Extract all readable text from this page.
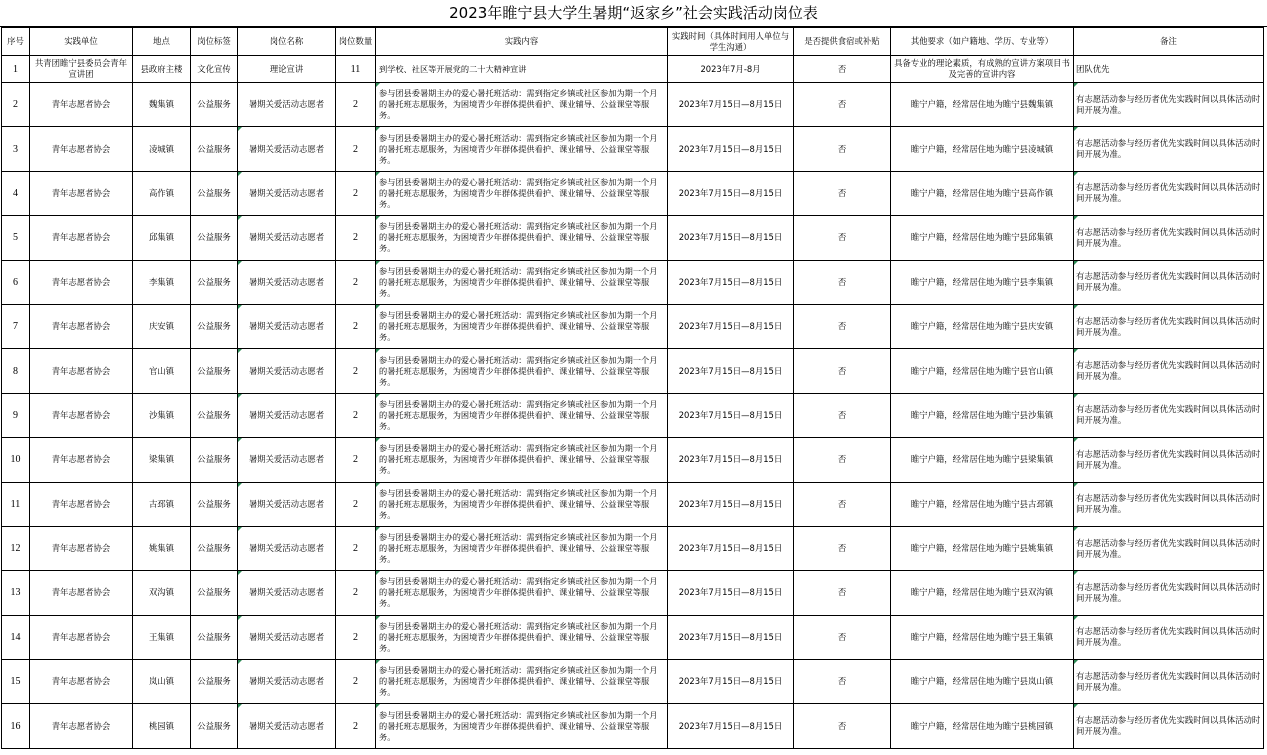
2023年睢宁县大学生暑期“返家乡”社会实践活动岗位表
序号	实践单位	地点	岗位标签	岗位名称	岗位数量	实践内容	实践时间（具体时间用人单位与学生沟通）	是否提供食宿或补贴	其他要求（如户籍地、学历、专业等）	备注
1	共青团睢宁县委员会青年宣讲团	县政府主楼	文化宣传	理论宣讲	11	到学校、社区等开展党的二十大精神宣讲	2023年7月-8月	否	具备专业的理论素质，有成熟的宣讲方案项目书及完善的宣讲内容	团队优先
2	青年志愿者协会	魏集镇	公益服务	暑期关爱活动志愿者	2	参与团县委暑期主办的爱心暑托班活动：需到指定乡镇或社区参加为期一个月的暑托班志愿服务，为困境青少年群体提供看护、课业辅导、公益课堂等服务。	2023年7月15日—8月15日	否	睢宁户籍，经常居住地为睢宁县魏集镇	有志愿活动参与经历者优先实践时间以具体活动时间开展为准。
3	青年志愿者协会	凌城镇	公益服务	暑期关爱活动志愿者	2	参与团县委暑期主办的爱心暑托班活动：需到指定乡镇或社区参加为期一个月的暑托班志愿服务，为困境青少年群体提供看护、课业辅导、公益课堂等服务。	2023年7月15日—8月15日	否	睢宁户籍，经常居住地为睢宁县凌城镇	有志愿活动参与经历者优先实践时间以具体活动时间开展为准。
4	青年志愿者协会	高作镇	公益服务	暑期关爱活动志愿者	2	参与团县委暑期主办的爱心暑托班活动：需到指定乡镇或社区参加为期一个月的暑托班志愿服务，为困境青少年群体提供看护、课业辅导、公益课堂等服务。	2023年7月15日—8月15日	否	睢宁户籍，经常居住地为睢宁县高作镇	有志愿活动参与经历者优先实践时间以具体活动时间开展为准。
5	青年志愿者协会	邱集镇	公益服务	暑期关爱活动志愿者	2	参与团县委暑期主办的爱心暑托班活动：需到指定乡镇或社区参加为期一个月的暑托班志愿服务，为困境青少年群体提供看护、课业辅导、公益课堂等服务。	2023年7月15日—8月15日	否	睢宁户籍，经常居住地为睢宁县邱集镇	有志愿活动参与经历者优先实践时间以具体活动时间开展为准。
6	青年志愿者协会	李集镇	公益服务	暑期关爱活动志愿者	2	参与团县委暑期主办的爱心暑托班活动：需到指定乡镇或社区参加为期一个月的暑托班志愿服务，为困境青少年群体提供看护、课业辅导、公益课堂等服务。	2023年7月15日—8月15日	否	睢宁户籍，经常居住地为睢宁县李集镇	有志愿活动参与经历者优先实践时间以具体活动时间开展为准。
7	青年志愿者协会	庆安镇	公益服务	暑期关爱活动志愿者	2	参与团县委暑期主办的爱心暑托班活动：需到指定乡镇或社区参加为期一个月的暑托班志愿服务，为困境青少年群体提供看护、课业辅导、公益课堂等服务。	2023年7月15日—8月15日	否	睢宁户籍，经常居住地为睢宁县庆安镇	有志愿活动参与经历者优先实践时间以具体活动时间开展为准。
8	青年志愿者协会	官山镇	公益服务	暑期关爱活动志愿者	2	参与团县委暑期主办的爱心暑托班活动：需到指定乡镇或社区参加为期一个月的暑托班志愿服务，为困境青少年群体提供看护、课业辅导、公益课堂等服务。	2023年7月15日—8月15日	否	睢宁户籍，经常居住地为睢宁县官山镇	有志愿活动参与经历者优先实践时间以具体活动时间开展为准。
9	青年志愿者协会	沙集镇	公益服务	暑期关爱活动志愿者	2	参与团县委暑期主办的爱心暑托班活动：需到指定乡镇或社区参加为期一个月的暑托班志愿服务，为困境青少年群体提供看护、课业辅导、公益课堂等服务。	2023年7月15日—8月15日	否	睢宁户籍，经常居住地为睢宁县沙集镇	有志愿活动参与经历者优先实践时间以具体活动时间开展为准。
10	青年志愿者协会	梁集镇	公益服务	暑期关爱活动志愿者	2	参与团县委暑期主办的爱心暑托班活动：需到指定乡镇或社区参加为期一个月的暑托班志愿服务，为困境青少年群体提供看护、课业辅导、公益课堂等服务。	2023年7月15日—8月15日	否	睢宁户籍，经常居住地为睢宁县梁集镇	有志愿活动参与经历者优先实践时间以具体活动时间开展为准。
11	青年志愿者协会	古邳镇	公益服务	暑期关爱活动志愿者	2	参与团县委暑期主办的爱心暑托班活动：需到指定乡镇或社区参加为期一个月的暑托班志愿服务，为困境青少年群体提供看护、课业辅导、公益课堂等服务。	2023年7月15日—8月15日	否	睢宁户籍，经常居住地为睢宁县古邳镇	有志愿活动参与经历者优先实践时间以具体活动时间开展为准。
12	青年志愿者协会	姚集镇	公益服务	暑期关爱活动志愿者	2	参与团县委暑期主办的爱心暑托班活动：需到指定乡镇或社区参加为期一个月的暑托班志愿服务，为困境青少年群体提供看护、课业辅导、公益课堂等服务。	2023年7月15日—8月15日	否	睢宁户籍，经常居住地为睢宁县姚集镇	有志愿活动参与经历者优先实践时间以具体活动时间开展为准。
13	青年志愿者协会	双沟镇	公益服务	暑期关爱活动志愿者	2	参与团县委暑期主办的爱心暑托班活动：需到指定乡镇或社区参加为期一个月的暑托班志愿服务，为困境青少年群体提供看护、课业辅导、公益课堂等服务。	2023年7月15日—8月15日	否	睢宁户籍，经常居住地为睢宁县双沟镇	有志愿活动参与经历者优先实践时间以具体活动时间开展为准。
14	青年志愿者协会	王集镇	公益服务	暑期关爱活动志愿者	2	参与团县委暑期主办的爱心暑托班活动：需到指定乡镇或社区参加为期一个月的暑托班志愿服务，为困境青少年群体提供看护、课业辅导、公益课堂等服务。	2023年7月15日—8月15日	否	睢宁户籍，经常居住地为睢宁县王集镇	有志愿活动参与经历者优先实践时间以具体活动时间开展为准。
15	青年志愿者协会	岚山镇	公益服务	暑期关爱活动志愿者	2	参与团县委暑期主办的爱心暑托班活动：需到指定乡镇或社区参加为期一个月的暑托班志愿服务，为困境青少年群体提供看护、课业辅导、公益课堂等服务。	2023年7月15日—8月15日	否	睢宁户籍，经常居住地为睢宁县岚山镇	有志愿活动参与经历者优先实践时间以具体活动时间开展为准。
16	青年志愿者协会	桃园镇	公益服务	暑期关爱活动志愿者	2	参与团县委暑期主办的爱心暑托班活动：需到指定乡镇或社区参加为期一个月的暑托班志愿服务，为困境青少年群体提供看护、课业辅导、公益课堂等服务。	2023年7月15日—8月15日	否	睢宁户籍，经常居住地为睢宁县桃园镇	有志愿活动参与经历者优先实践时间以具体活动时间开展为准。
